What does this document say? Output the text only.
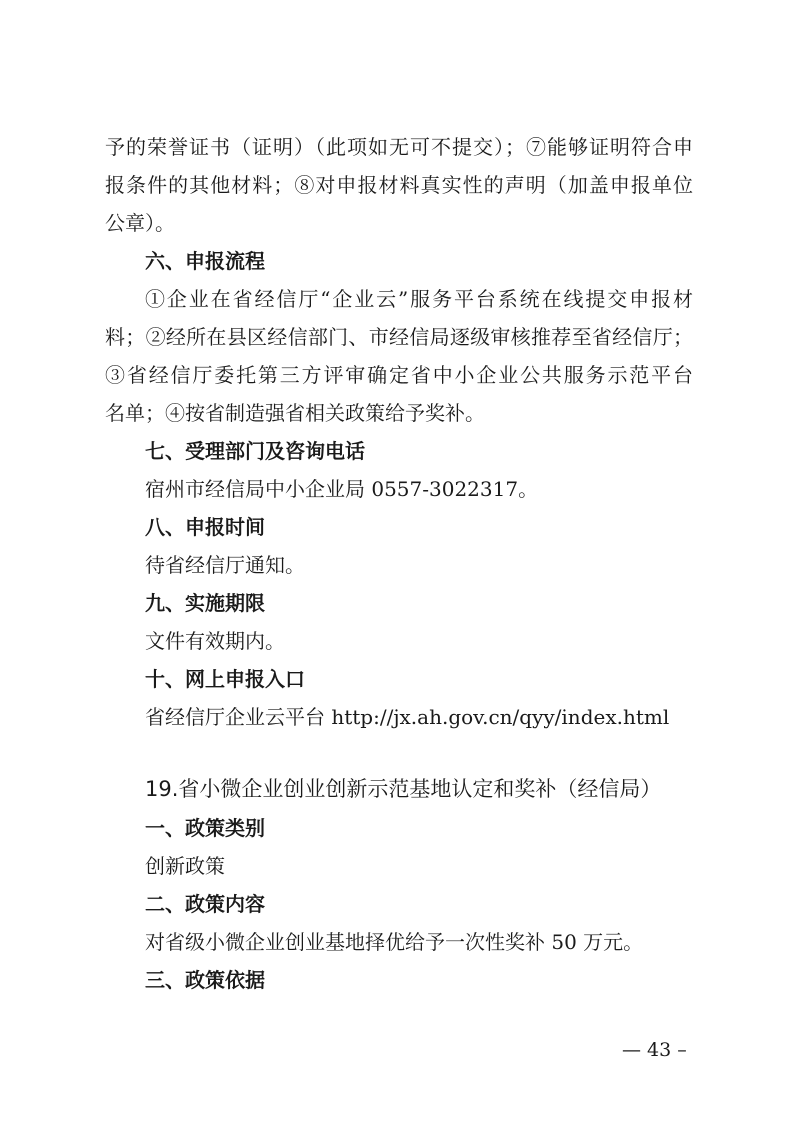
予的荣誉证书（证明）（此项如无可不提交）；⑦能够证明符合申
报条件的其他材料；⑧对申报材料真实性的声明（加盖申报单位
公章）。
六、申报流程
①企业在省经信厅“企业云”服务平台系统在线提交申报材
料；②经所在县区经信部门、市经信局逐级审核推荐至省经信厅；
③省经信厅委托第三方评审确定省中小企业公共服务示范平台
名单；④按省制造强省相关政策给予奖补。
七、受理部门及咨询电话
宿州市经信局中小企业局 0557-3022317。
八、申报时间
待省经信厅通知。
九、实施期限
文件有效期内。
十、网上申报入口
省经信厅企业云平台 http://jx.ah.gov.cn/qyy/index.html
19.省小微企业创业创新示范基地认定和奖补（经信局）
一、政策类别
创新政策
二、政策内容
对省级小微企业创业基地择优给予一次性奖补 50 万元。
三、政策依据
— 43 –
